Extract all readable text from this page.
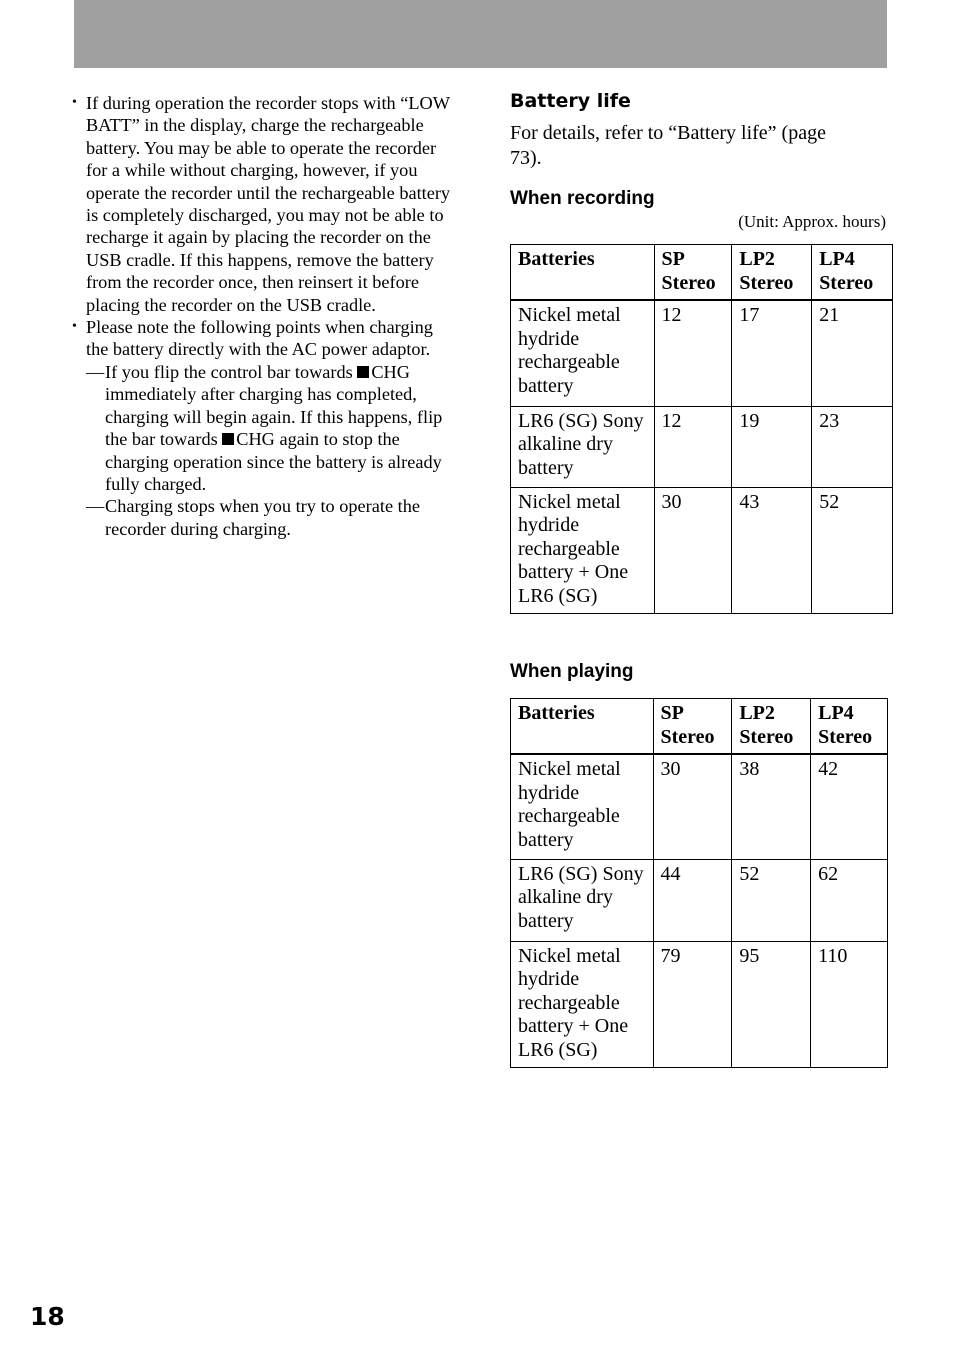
• If during operation the recorder stops with “LOW BATT” in the display, charge the rechargeable battery. You may be able to operate the recorder for a while without charging, however, if you operate the recorder until the rechargeable battery is completely discharged, you may not be able to recharge it again by placing the recorder on the USB cradle. If this happens, remove the battery from the recorder once, then reinsert it before placing the recorder on the USB cradle.
• Please note the following points when charging the battery directly with the AC power adaptor.
— If you flip the control bar towards CHG immediately after charging has completed, charging will begin again. If this happens, flip the bar towards CHG again to stop the charging operation since the battery is already fully charged.
— Charging stops when you try to operate the recorder during charging.
Battery life

For details, refer to “Battery life” (page 73).

When recording
(Unit: Approx. hours)
Batteries	SP Stereo	LP2 Stereo	LP4 Stereo
Nickel metal hydride rechargeable battery	12	17	21
LR6 (SG) Sony alkaline dry battery	12	19	23
Nickel metal hydride rechargeable battery + One LR6 (SG)	30	43	52
When playing
Batteries	SP Stereo	LP2 Stereo	LP4 Stereo
Nickel metal hydride rechargeable battery	30	38	42
LR6 (SG) Sony alkaline dry battery	44	52	62
Nickel metal hydride rechargeable battery + One LR6 (SG)	79	95	110
18
